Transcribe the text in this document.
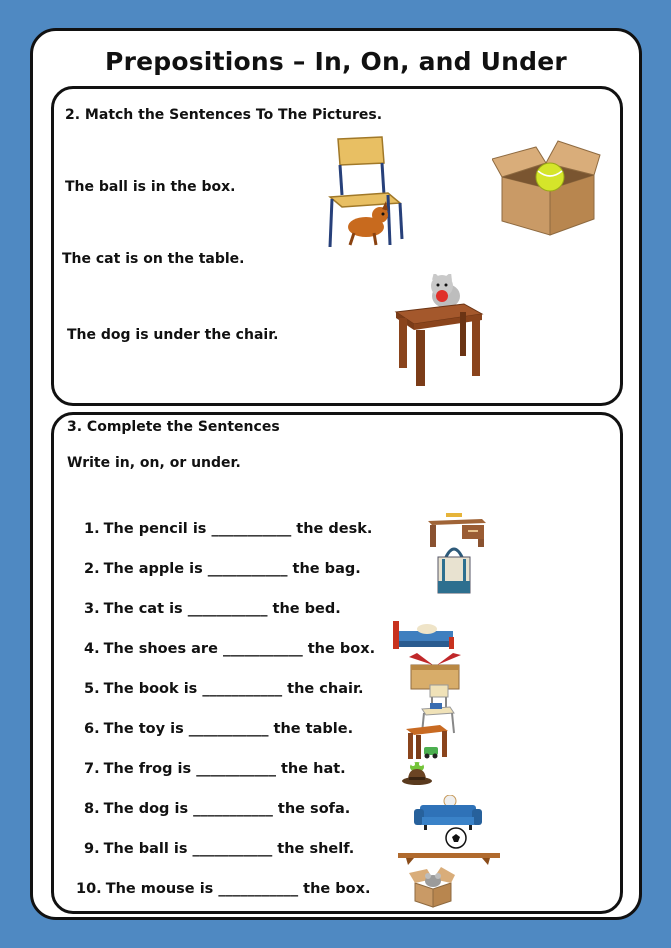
Prepositions – In, On, and Under
2. Match the Sentences To The Pictures.
The ball is in the box.
The cat is on the table.
The dog is under the chair.
3. Complete the Sentences
Write in, on, or under.
1. The pencil is ___________ the desk.
2. The apple is ___________ the bag.
3. The cat is ___________ the bed.
4. The shoes are ___________ the box.
5. The book is ___________ the chair.
6. The toy is ___________ the table.
7. The frog is ___________ the hat.
8. The dog is ___________ the sofa.
9. The ball is ___________ the shelf.
10. The mouse is ___________ the box.
